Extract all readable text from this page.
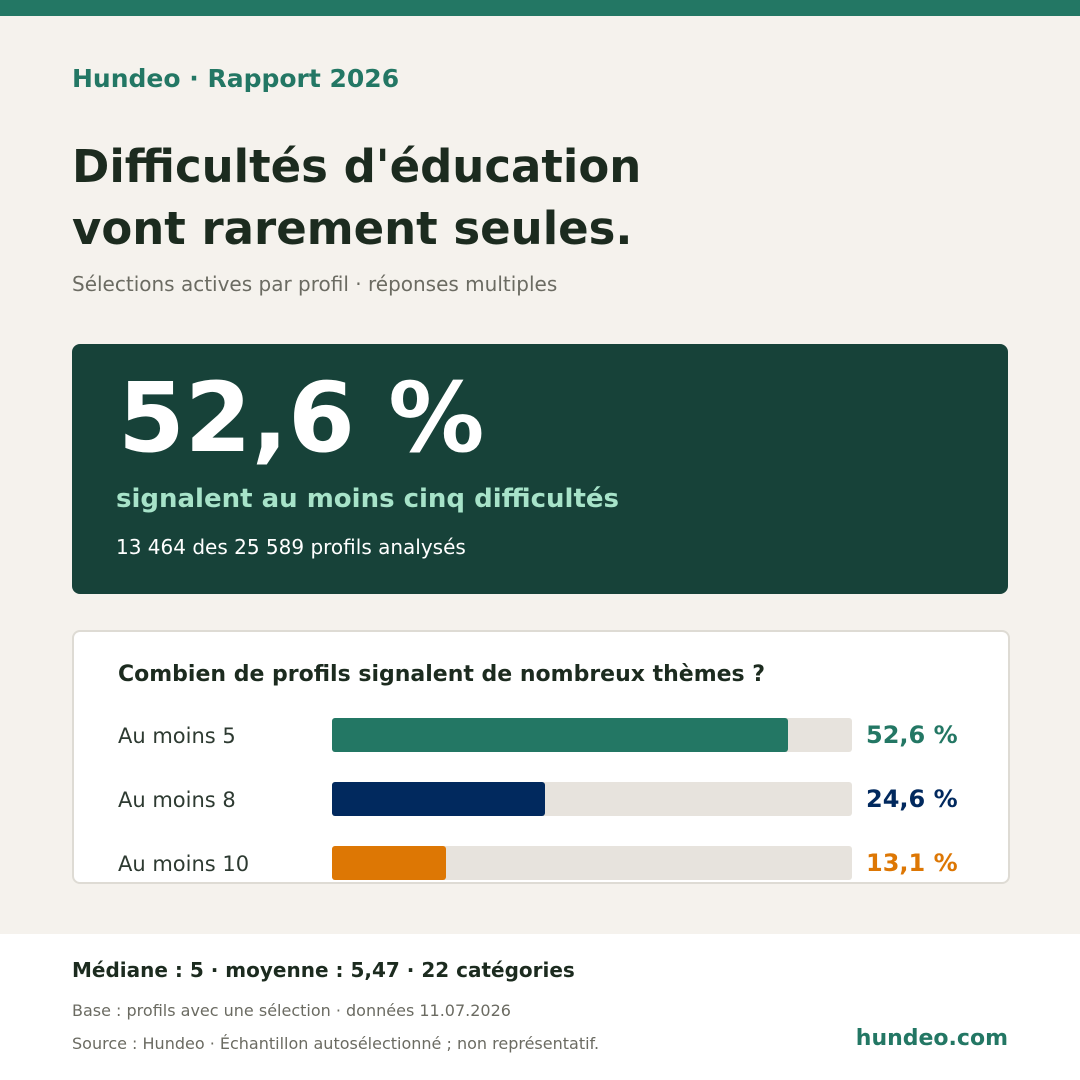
Hundeo · Rapport 2026
Difficultés d'éducation
vont rarement seules.
Sélections actives par profil · réponses multiples
52,6 %
signalent au moins cinq difficultés
13 464 des 25 589 profils analysés
Combien de profils signalent de nombreux thèmes ?
Au moins 5	52,6 %
Au moins 8	24,6 %
Au moins 10	13,1 %
Médiane : 5 · moyenne : 5,47 · 22 catégories
Base : profils avec une sélection · données 11.07.2026
Source : Hundeo · Échantillon autosélectionné ; non représentatif.	hundeo.com
